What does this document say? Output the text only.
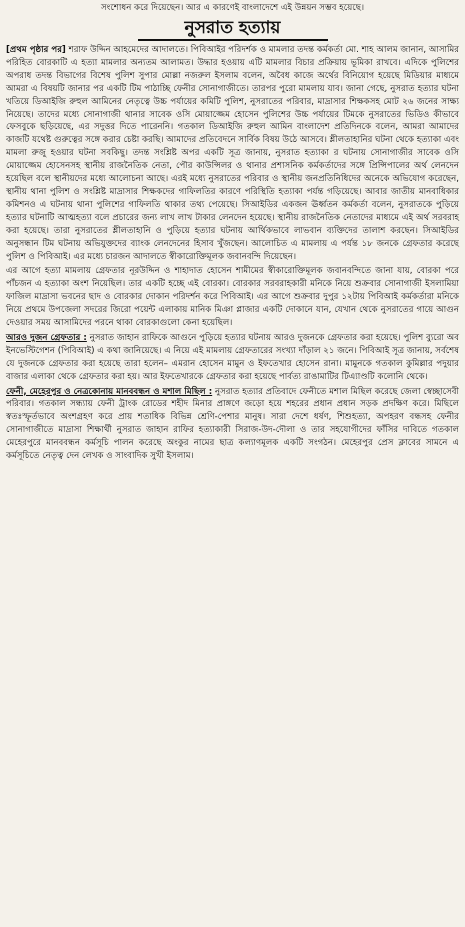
সংশোধন করে দিয়েছেন। আর এ কারণেই বাংলাদেশে এই উন্নয়ন সম্ভব হয়েছে।
নুসরাত হত্যায়

[প্রথম পৃষ্ঠার পর] শরাফ উদ্দিন আহমেদের আদালতে। পিবিআইর পরিদর্শক ও মামলার তদন্ত কর্মকর্তা মো. শাহ আলম জানান, আসামির পরিহিত বোরকাটি এ হত্যা মামলার অন্যতম আলামত। উদ্ধার হওয়ায় এটি মামলার বিচার প্রক্রিয়ায় ভূমিকা রাখবে। এদিকে পুলিশের অপরাধ তদন্ত বিভাগের বিশেষ পুলিশ সুপার মোল্লা নজরুল ইসলাম বলেন, অবৈধ কাজে অর্থের বিনিয়োগ হয়েছে মিডিয়ার মাধ্যমে আমরা এ বিষয়টি জানার পর একটি টিম পাঠাচ্ছি ফেনীর সোনাগাজীতে। তারপর পুরো মামলায় যাব। জানা গেছে, নুসরাত হত্যার ঘটনা খতিয়ে ডিআইজি রুহুল আমিনের নেতৃত্বে উচ্চ পর্যায়ের কমিটি পুলিশ, নুসরাতের পরিবার, মাদ্রাসার শিক্ষকসহ মোট ২৬ জনের সাক্ষ্য নিয়েছে। তাদের মধ্যে সোনাগাজী থানার সাবেক ওসি মোয়াজ্জেম হোসেন পুলিশের উচ্চ পর্যায়ের টিমকে নুসরাতের ভিডিও কীভাবে ফেসবুকে ছড়িয়েছে, এর সদুত্তর দিতে পারেননি। গতকাল ডিআইজি রুহুল আমিন বাংলাদেশ প্রতিদিনকে বলেন, আমরা আমাদের কাজটি যথেষ্ট গুরুত্বের সঙ্গে করার চেষ্টা করছি। আমাদের প্রতিবেদনে সার্বিক বিষয় উঠে আসবে। শ্লীলতাহানির ঘটনা থেকে হত্যাকা এবং মামলা রুজু হওয়ার ঘটনা সবকিছু। তদন্ত সংশ্লিষ্ট অপর একটি সূত্র জানায়, নুসরাত হত্যাকা র ঘটনায় সোনাগাজীর সাবেক ওসি মোয়াজ্জেম হোসেনসহ স্থানীয় রাজনৈতিক নেতা, পৌর কাউন্সিলর ও থানার প্রশাসনিক কর্মকর্তাদের সঙ্গে প্রিন্সিপালের অর্থ লেনদেন হয়েছিল বলে স্থানীয়দের মধ্যে আলোচনা আছে। এরই মধ্যে নুসরাতের পরিবার ও স্থানীয় জনপ্রতিনিধিদের অনেকে অভিযোগ করেছেন, স্থানীয় থানা পুলিশ ও সংশ্লিষ্ট মাদ্রাসার শিক্ষকদের গাফিলতির কারণে পরিস্থিতি হত্যাকা পর্যন্ত গড়িয়েছে। আবার জাতীয় মানবাধিকার কমিশনও এ ঘটনায় থানা পুলিশের গাফিলতি থাকার তথ্য পেয়েছে। সিআইডির একজন ঊর্ধ্বতন কর্মকর্তা বলেন, নুসরাতকে পুড়িয়ে হত্যার ঘটনাটি আত্মহত্যা বলে প্রচারের জন্য লাখ লাখ টাকার লেনদেন হয়েছে। স্থানীয় রাজনৈতিক নেতাদের মাধ্যমে এই অর্থ সরবরাহ করা হয়েছে। তারা নুসরাতের শ্লীলতাহানি ও পুড়িয়ে হত্যার ঘটনায় আর্থিকভাবে লাভবান ব্যক্তিদের তালাশ করছেন। সিআইডির অনুসন্ধান টিম ঘটনায় অভিযুক্তদের ব্যাংক লেনদেনের হিসাব খুঁজছেন। আলোচিত এ মামলায় এ পর্যন্ত ১৮ জনকে গ্রেফতার করেছে পুলিশ ও পিবিআই। এর মধ্যে চারজন আদালতে স্বীকারোক্তিমূলক জবানবন্দি দিয়েছেন।

এর আগে হত্যা মামলায় গ্রেফতার নূরউদ্দিন ও শাহাদাত হোসেন শামীমের স্বীকারোক্তিমূলক জবানবন্দিতে জানা যায়, বোরকা পরে পাঁচজন এ হত্যাকা অংশ নিয়েছিল। তার একটি হচ্ছে এই বোরকা। বোরকার সরবরাহকারী মনিকে নিয়ে শুক্রবার সোনাগাজী ইসলামিয়া ফাজিল মাদ্রাসা ভবনের ছাদ ও বোরকার দোকান পরিদর্শন করে পিবিআই। এর আগে শুক্রবার দুপুর ১২টায় পিবিআই কর্মকর্তারা মনিকে নিয়ে প্রথমে উপজেলা সদরের জিরো পয়েন্ট এলাকায় মানিক মিঞা প্লাজার একটি দোকানে যান, যেখান থেকে নুসরাতের গায়ে আগুন দেওয়ার সময় আসামিদের পরনে থাকা বোরকাগুলো কেনা হয়েছিল।

আরও দুজন গ্রেফতার : নুসরাত জাহান রাফিকে আগুনে পুড়িয়ে হত্যার ঘটনায় আরও দুজনকে গ্রেফতার করা হয়েছে। পুলিশ ব্যুরো অব ইনভেস্টিগেশন (পিবিআই) এ কথা জানিয়েছে। এ নিয়ে এই মামলায় গ্রেফতারের সংখ্যা দাঁড়াল ২১ জনে। পিবিআই সূত্র জানায়, সর্বশেষ যে দুজনকে গ্রেফতার করা হয়েছে তারা হলেন– এমরান হোসেন মামুন ও ইফতেখার হোসেন রানা। মামুনকে গতকাল কুমিল্লার পদুয়ার বাজার এলাকা থেকে গ্রেফতার করা হয়। আর ইফতেখারকে গ্রেফতার করা হয়েছে পার্বত্য রাঙামাটির টিএ্যাণ্ডটি কলোনি থেকে।

ফেনী, মেহেরপুর ও নেত্রকোনায় মানববন্ধন ও মশাল মিছিল : নুসরাত হত্যার প্রতিবাদে ফেনীতে মশাল মিছিল করেছে জেলা স্বেচ্ছাসেবী পরিবার। গতকাল সন্ধ্যায় ফেনী ট্রাংক রোডের শহীদ মিনার প্রাঙ্গণে জড়ো হয়ে শহরের প্রধান প্রধান সড়ক প্রদক্ষিণ করে। মিছিলে স্বতঃস্ফূর্তভাবে অংশগ্রহণ করে প্রায় শতাধিক বিভিন্ন শ্রেণি-পেশার মানুষ। সারা দেশে ধর্ষণ, শিশুহত্যা, অপহরণ বন্ধসহ ফেনীর সোনাগাজীতে মাদ্রাসা শিক্ষার্থী নুসরাত জাহান রাফির হত্যাকারী সিরাজ-উদ-দৌলা ও তার সহযোগীদের ফাঁসির দাবিতে গতকাল মেহেরপুরে মানববন্ধন কর্মসূচি পালন করেছে অংকুর নামের ছাত্র কল্যাণমূলক একটি সংগঠন। মেহেরপুর প্রেস ক্লাবের সামনে এ কর্মসূচিতে নেতৃত্ব দেন লেখক ও সাংবাদিক সুখী ইসলাম।
